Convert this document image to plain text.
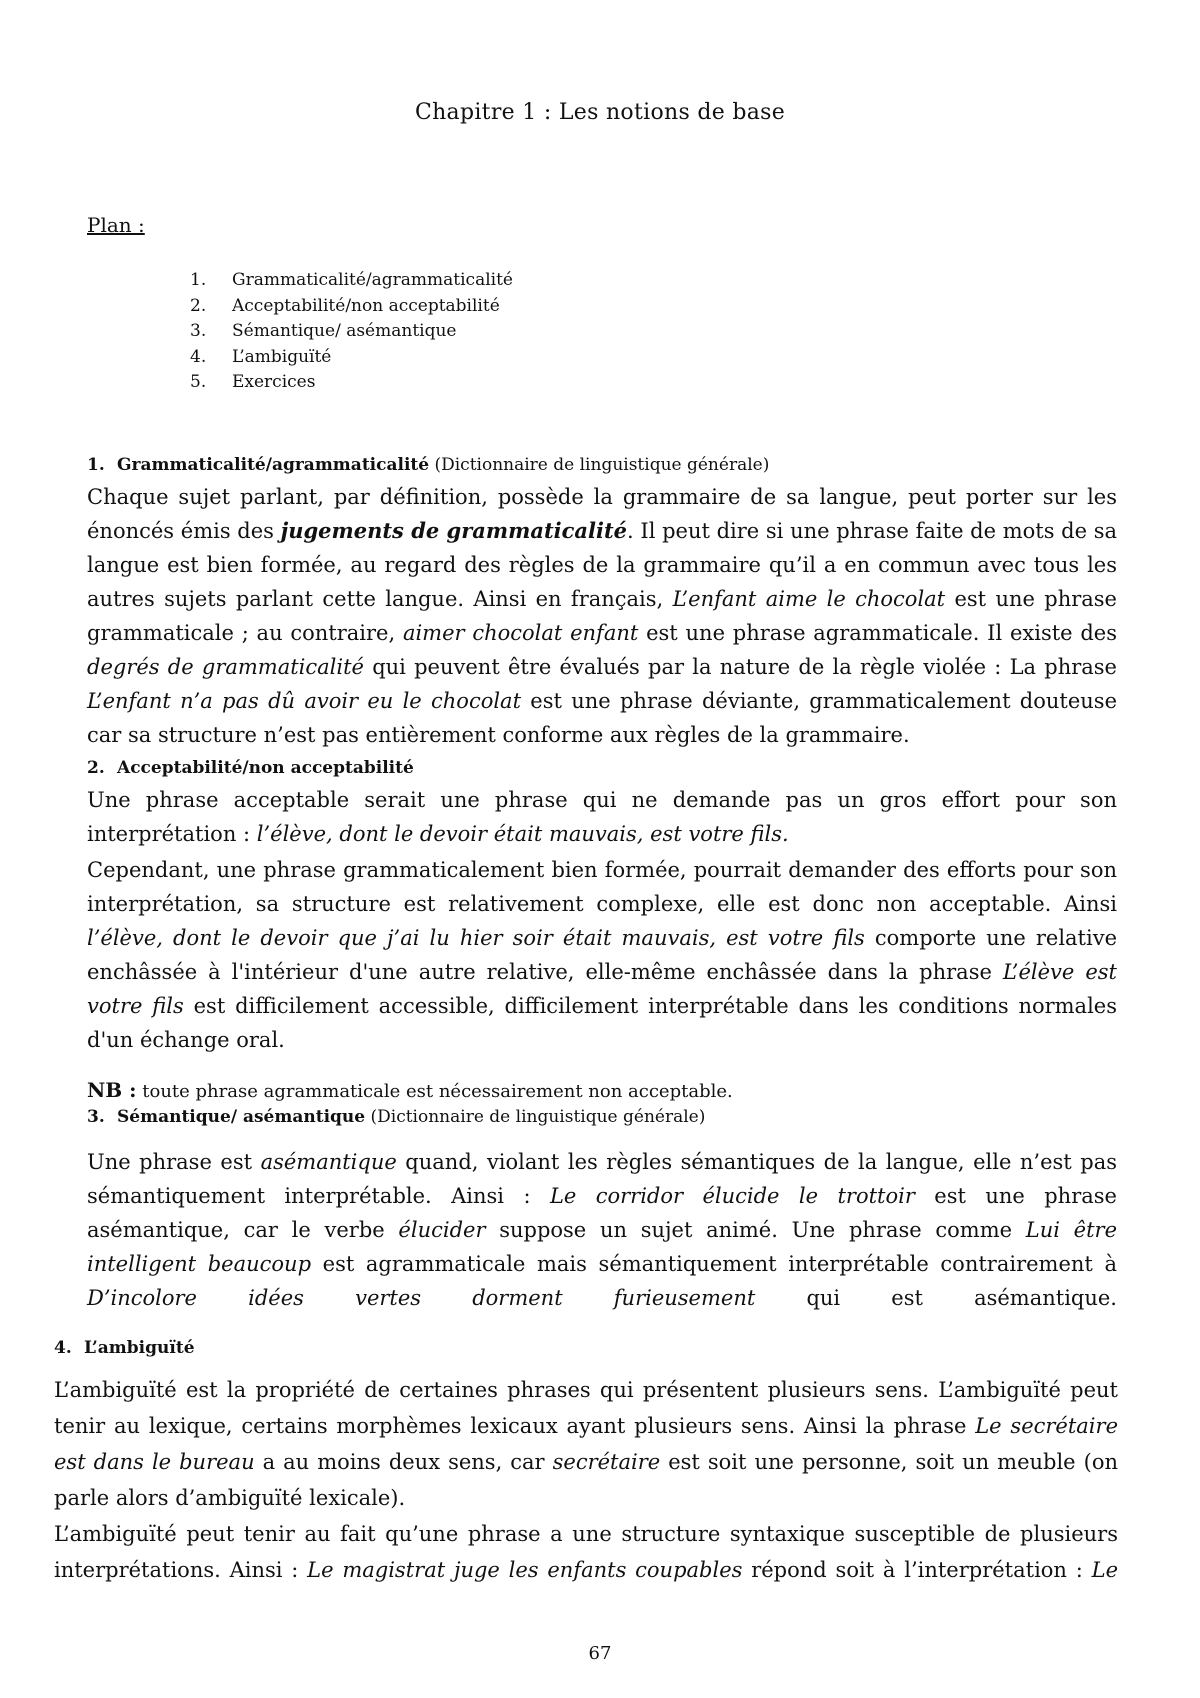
Chapitre 1 : Les notions de base
Plan :
1. Grammaticalité/agrammaticalité
2. Acceptabilité/non acceptabilité
3. Sémantique/ asémantique
4. L’ambiguïté
5. Exercices
1. Grammaticalité/agrammaticalité (Dictionnaire de linguistique générale)
Chaque sujet parlant, par définition, possède la grammaire de sa langue, peut porter sur les énoncés émis des jugements de grammaticalité. Il peut dire si une phrase faite de mots de sa langue est bien formée, au regard des règles de la grammaire qu’il a en commun avec tous les autres sujets parlant cette langue. Ainsi en français, L’enfant aime le chocolat est une phrase grammaticale ; au contraire, aimer chocolat enfant est une phrase agrammaticale. Il existe des degrés de grammaticalité qui peuvent être évalués par la nature de la règle violée : La phrase L’enfant n’a pas dû avoir eu le chocolat est une phrase déviante, grammaticalement douteuse car sa structure n’est pas entièrement conforme aux règles de la grammaire.
2. Acceptabilité/non acceptabilité
Une phrase acceptable serait une phrase qui ne demande pas un gros effort pour son interprétation : l’élève, dont le devoir était mauvais, est votre fils.
Cependant, une phrase grammaticalement bien formée, pourrait demander des efforts pour son interprétation, sa structure est relativement complexe, elle est donc non acceptable. Ainsi l’élève, dont le devoir que j’ai lu hier soir était mauvais, est votre fils comporte une relative enchâssée à l'intérieur d'une autre relative, elle-même enchâssée dans la phrase L’élève est votre fils est difficilement accessible, difficilement interprétable dans les conditions normales d'un échange oral.
NB : toute phrase agrammaticale est nécessairement non acceptable.
3. Sémantique/ asémantique (Dictionnaire de linguistique générale)
Une phrase est asémantique quand, violant les règles sémantiques de la langue, elle n’est pas sémantiquement interprétable. Ainsi : Le corridor élucide le trottoir est une phrase asémantique, car le verbe élucider suppose un sujet animé. Une phrase comme Lui être intelligent beaucoup est agrammaticale mais sémantiquement interprétable contrairement à D’incolore idées vertes dorment furieusement qui est asémantique.
4. L’ambiguïté
L’ambiguïté est la propriété de certaines phrases qui présentent plusieurs sens. L’ambiguïté peut tenir au lexique, certains morphèmes lexicaux ayant plusieurs sens. Ainsi la phrase Le secrétaire est dans le bureau a au moins deux sens, car secrétaire est soit une personne, soit un meuble (on parle alors d’ambiguïté lexicale).
L’ambiguïté peut tenir au fait qu’une phrase a une structure syntaxique susceptible de plusieurs interprétations. Ainsi : Le magistrat juge les enfants coupables répond soit à l’interprétation : Le
67
